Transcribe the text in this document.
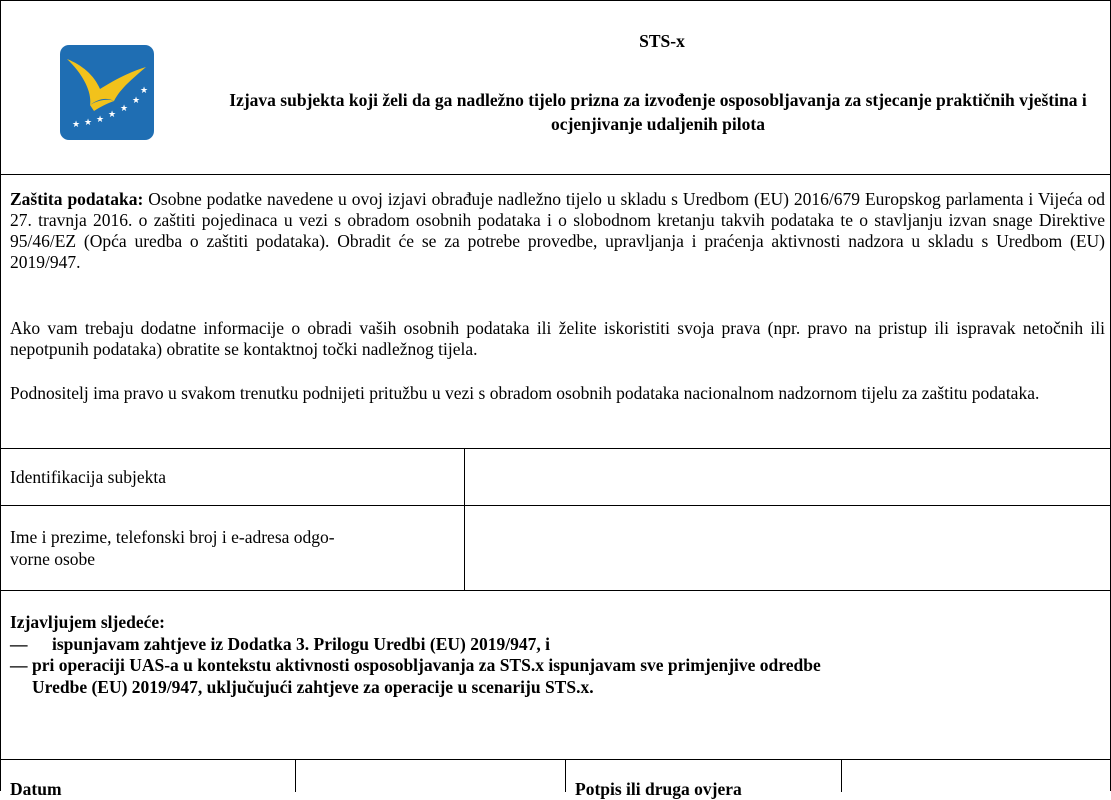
★ ★ ★ ★
★
★
★
STS-x
Izjava subjekta koji želi da ga nadležno tijelo prizna za izvođenje osposobljavanja za stjecanje praktičnih vještina i ocjenjivanje udaljenih pilota
Zaštita podataka: Osobne podatke navedene u ovoj izjavi obrađuje nadležno tijelo u skladu s Uredbom (EU) 2016/679 Europskog parlamenta i Vijeća od 27. travnja 2016. o zaštiti pojedinaca u vezi s obradom osobnih podataka i o slobodnom kretanju takvih podataka te o stavljanju izvan snage Direktive 95/46/EZ (Opća uredba o zaštiti podataka). Obradit će se za potrebe provedbe, upravljanja i praćenja aktivnosti nadzora u skladu s Uredbom (EU) 2019/947.
Ako vam trebaju dodatne informacije o obradi vaših osobnih podataka ili želite iskoristiti svoja prava (npr. pravo na pristup ili ispravak netočnih ili nepotpunih podataka) obratite se kontaktnoj točki nadležnog tijela.
Podnositelj ima pravo u svakom trenutku podnijeti pritužbu u vezi s obradom osobnih podataka nacionalnom nadzornom tijelu za zaštitu podataka.
Identifikacija subjekta
Ime i prezime, telefonski broj i e-adresa odgo-
vorne osobe
Izjavljujem sljedeće:
— ispunjavam zahtjeve iz Dodatka 3. Prilogu Uredbi (EU) 2019/947, i
— pri operaciji UAS-a u kontekstu aktivnosti osposobljavanja za STS.x ispunjavam sve primjenjive odredbe
Uredbe (EU) 2019/947, uključujući zahtjeve za operacije u scenariju STS.x.
Datum	Potpis ili druga ovjera
